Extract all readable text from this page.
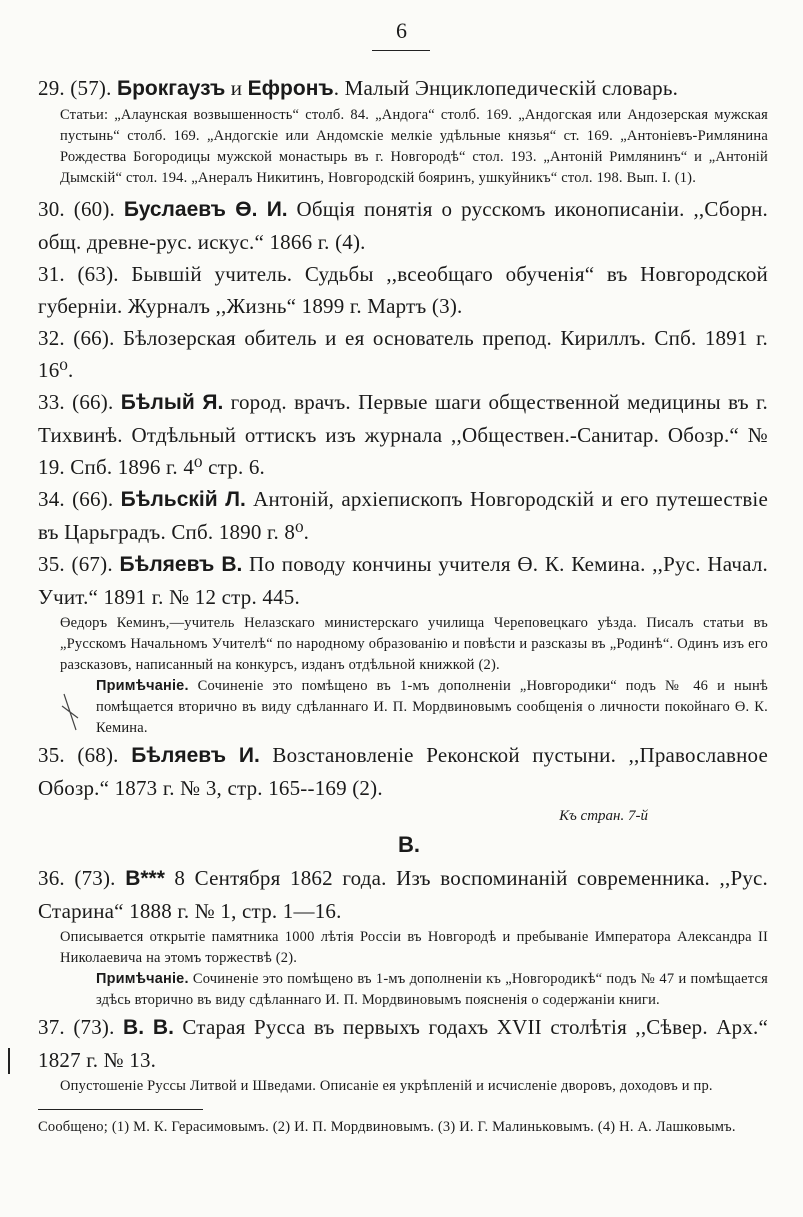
6
29. (57). Брокгаузъ и Ефронъ. Малый Энциклопедическій словарь.
Статьи: „Алаунская возвышенность“ столб. 84. „Андога“ столб. 169. „Андогская или Андозерская мужская пустынь“ столб. 169. „Андогскіе или Андомскіе мелкіе удѣльные князья“ ст. 169. „Антоніевъ-Римлянина Рождества Богородицы мужской монастырь въ г. Новгородѣ“ стол. 193. „Антоній Римлянинъ“ и „Антоній Дымскій“ стол. 194. „Анералъ Никитинъ, Новгородскій бояринъ, ушкуйникъ“ стол. 198. Вып. I. (1).
30. (60). Буслаевъ Ө. И. Общія понятія о русскомъ иконописаніи. ,,Сборн. общ. древне-рус. искус.“ 1866 г. (4).
31. (63). Бывшій учитель. Судьбы ,,всеобщаго обученія“ въ Новгородской губерніи. Журналъ ,,Жизнь“ 1899 г. Мартъ (3).
32. (66). Бѣлозерская обитель и ея основатель препод. Кириллъ. Спб. 1891 г. 16⁰.
33. (66). Бѣлый Я. город. врачъ. Первые шаги общественной медицины въ г. Тихвинѣ. Отдѣльный оттискъ изъ журнала ,,Обществен.-Санитар. Обозр.“ № 19. Спб. 1896 г. 4⁰ стр. 6.
34. (66). Бѣльскій Л. Антоній, архіепископъ Новгородскій и его путешествіе въ Царьградъ. Спб. 1890 г. 8⁰.
35. (67). Бѣляевъ В. По поводу кончины учителя Ө. К. Кемина. ,,Рус. Начал. Учит.“ 1891 г. № 12 стр. 445.
Өедоръ Кеминъ,—учитель Нелазскаго министерскаго училища Череповецкаго уѣзда. Писалъ статьи въ „Русскомъ Начальномъ Учителѣ“ по народному образованію и повѣсти и разсказы въ „Родинѣ“. Одинъ изъ его разсказовъ, написанный на конкурсъ, изданъ отдѣльной книжкой (2).
Примѣчаніе. Сочиненіе это помѣщено въ 1-мъ дополненіи „Новгородики“ подъ № 46 и нынѣ помѣщается вторично въ виду сдѣланнаго И. П. Мордвиновымъ сообщенія о личности покойнаго Ө. К. Кемина.
35. (68). Бѣляевъ И. Возстановленіе Реконской пустыни. ,,Православное Обозр.“ 1873 г. № 3, стр. 165--169 (2).
Къ стран. 7-й
В.
36. (73). В*** 8 Сентября 1862 года. Изъ воспоминаній современника. ,,Рус. Старина“ 1888 г. № 1, стр. 1—16.
Описывается открытіе памятника 1000 лѣтія Россіи въ Новгородѣ и пребываніе Императора Александра II Николаевича на этомъ торжествѣ (2).
Примѣчаніе. Сочиненіе это помѣщено въ 1-мъ дополненіи къ „Новгородикѣ“ подъ № 47 и помѣщается здѣсь вторично въ виду сдѣланнаго И. П. Мордвиновымъ поясненія о содержаніи книги.
37. (73). В. В. Старая Русса въ первыхъ годахъ XVII столѣтія ,,Сѣвер. Арх.“ 1827 г. № 13.
Опустошеніе Руссы Литвой и Шведами. Описаніе ея укрѣпленій и исчисленіе дворовъ, доходовъ и пр.
Сообщено; (1) М. К. Герасимовымъ. (2) И. П. Мордвиновымъ. (3) И. Г. Малиньковымъ. (4) Н. А. Лашковымъ.
